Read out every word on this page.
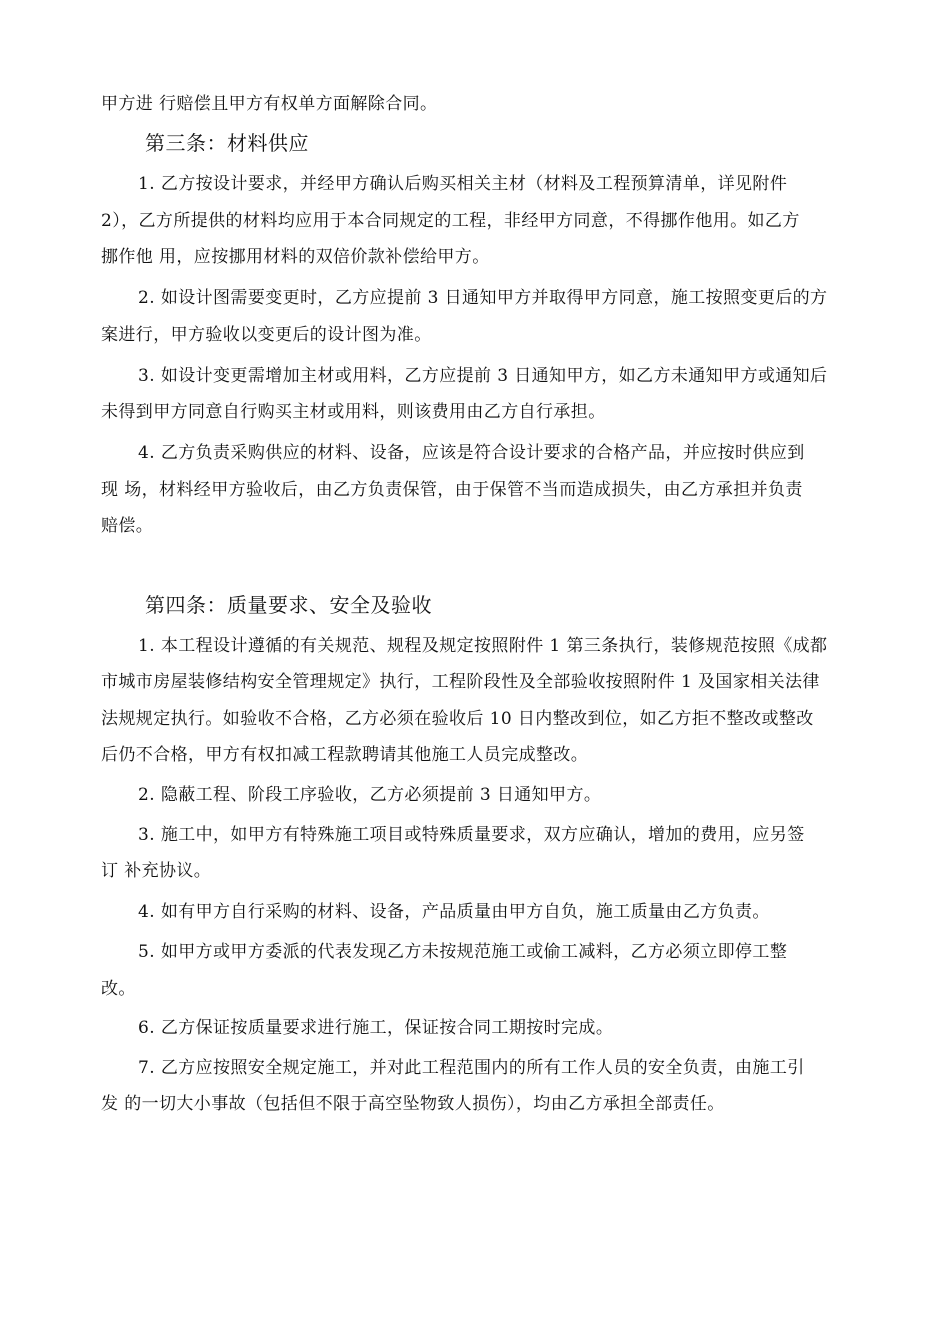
甲方进 行赔偿且甲方有权单方面解除合同。
第三条：材料供应
1. 乙方按设计要求，并经甲方确认后购买相关主材（材料及工程预算清单，详见附件
2），乙方所提供的材料均应用于本合同规定的工程，非经甲方同意，不得挪作他用。如乙方
挪作他 用，应按挪用材料的双倍价款补偿给甲方。
2. 如设计图需要变更时，乙方应提前 3 日通知甲方并取得甲方同意，施工按照变更后的方
案进行，甲方验收以变更后的设计图为准。
3. 如设计变更需增加主材或用料，乙方应提前 3 日通知甲方，如乙方未通知甲方或通知后
未得到甲方同意自行购买主材或用料，则该费用由乙方自行承担。
4. 乙方负责采购供应的材料、设备，应该是符合设计要求的合格产品，并应按时供应到
现 场，材料经甲方验收后，由乙方负责保管，由于保管不当而造成损失，由乙方承担并负责
赔偿。
第四条：质量要求、安全及验收
1. 本工程设计遵循的有关规范、规程及规定按照附件 1 第三条执行，装修规范按照《成都
市城市房屋装修结构安全管理规定》执行，工程阶段性及全部验收按照附件 1 及国家相关法律
法规规定执行。如验收不合格，乙方必须在验收后 10 日内整改到位，如乙方拒不整改或整改
后仍不合格，甲方有权扣减工程款聘请其他施工人员完成整改。
2. 隐蔽工程、阶段工序验收，乙方必须提前 3 日通知甲方。
3. 施工中，如甲方有特殊施工项目或特殊质量要求，双方应确认，增加的费用，应另签
订 补充协议。
4. 如有甲方自行采购的材料、设备，产品质量由甲方自负，施工质量由乙方负责。
5. 如甲方或甲方委派的代表发现乙方未按规范施工或偷工减料，乙方必须立即停工整
改。
6. 乙方保证按质量要求进行施工，保证按合同工期按时完成。
7. 乙方应按照安全规定施工，并对此工程范围内的所有工作人员的安全负责，由施工引
发 的一切大小事故（包括但不限于高空坠物致人损伤），均由乙方承担全部责任。
